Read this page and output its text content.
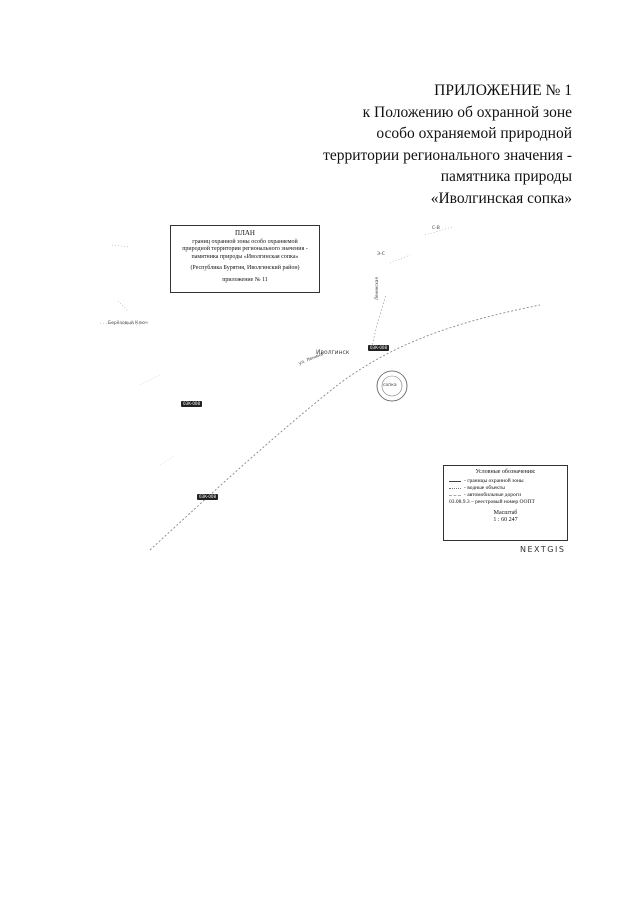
ПРИЛОЖЕНИЕ № 1
к Положению об охранной зоне
особо охраняемой природной
территории регионального значения -
памятника природы
«Иволгинская сопка»
Иволгинск
ул. Ленина
Берёзовый Ключ
Э-С
С-В
Ленинская
сопка
03К-008
03К-008
03К-008
ПЛАН
границ охранной зоны особо охраняемой
природной территории регионального значения -
памятника природы «Иволгинская сопка»
(Республика Бурятия, Иволгинский район)
приложение № 11
Условные обозначения:
- границы охранной зоны
- водные объекты
- автомобильные дороги
03.08.9.3 – реестровый номер ООПТ
Масштаб
1 : 60 247
NEXTGIS
